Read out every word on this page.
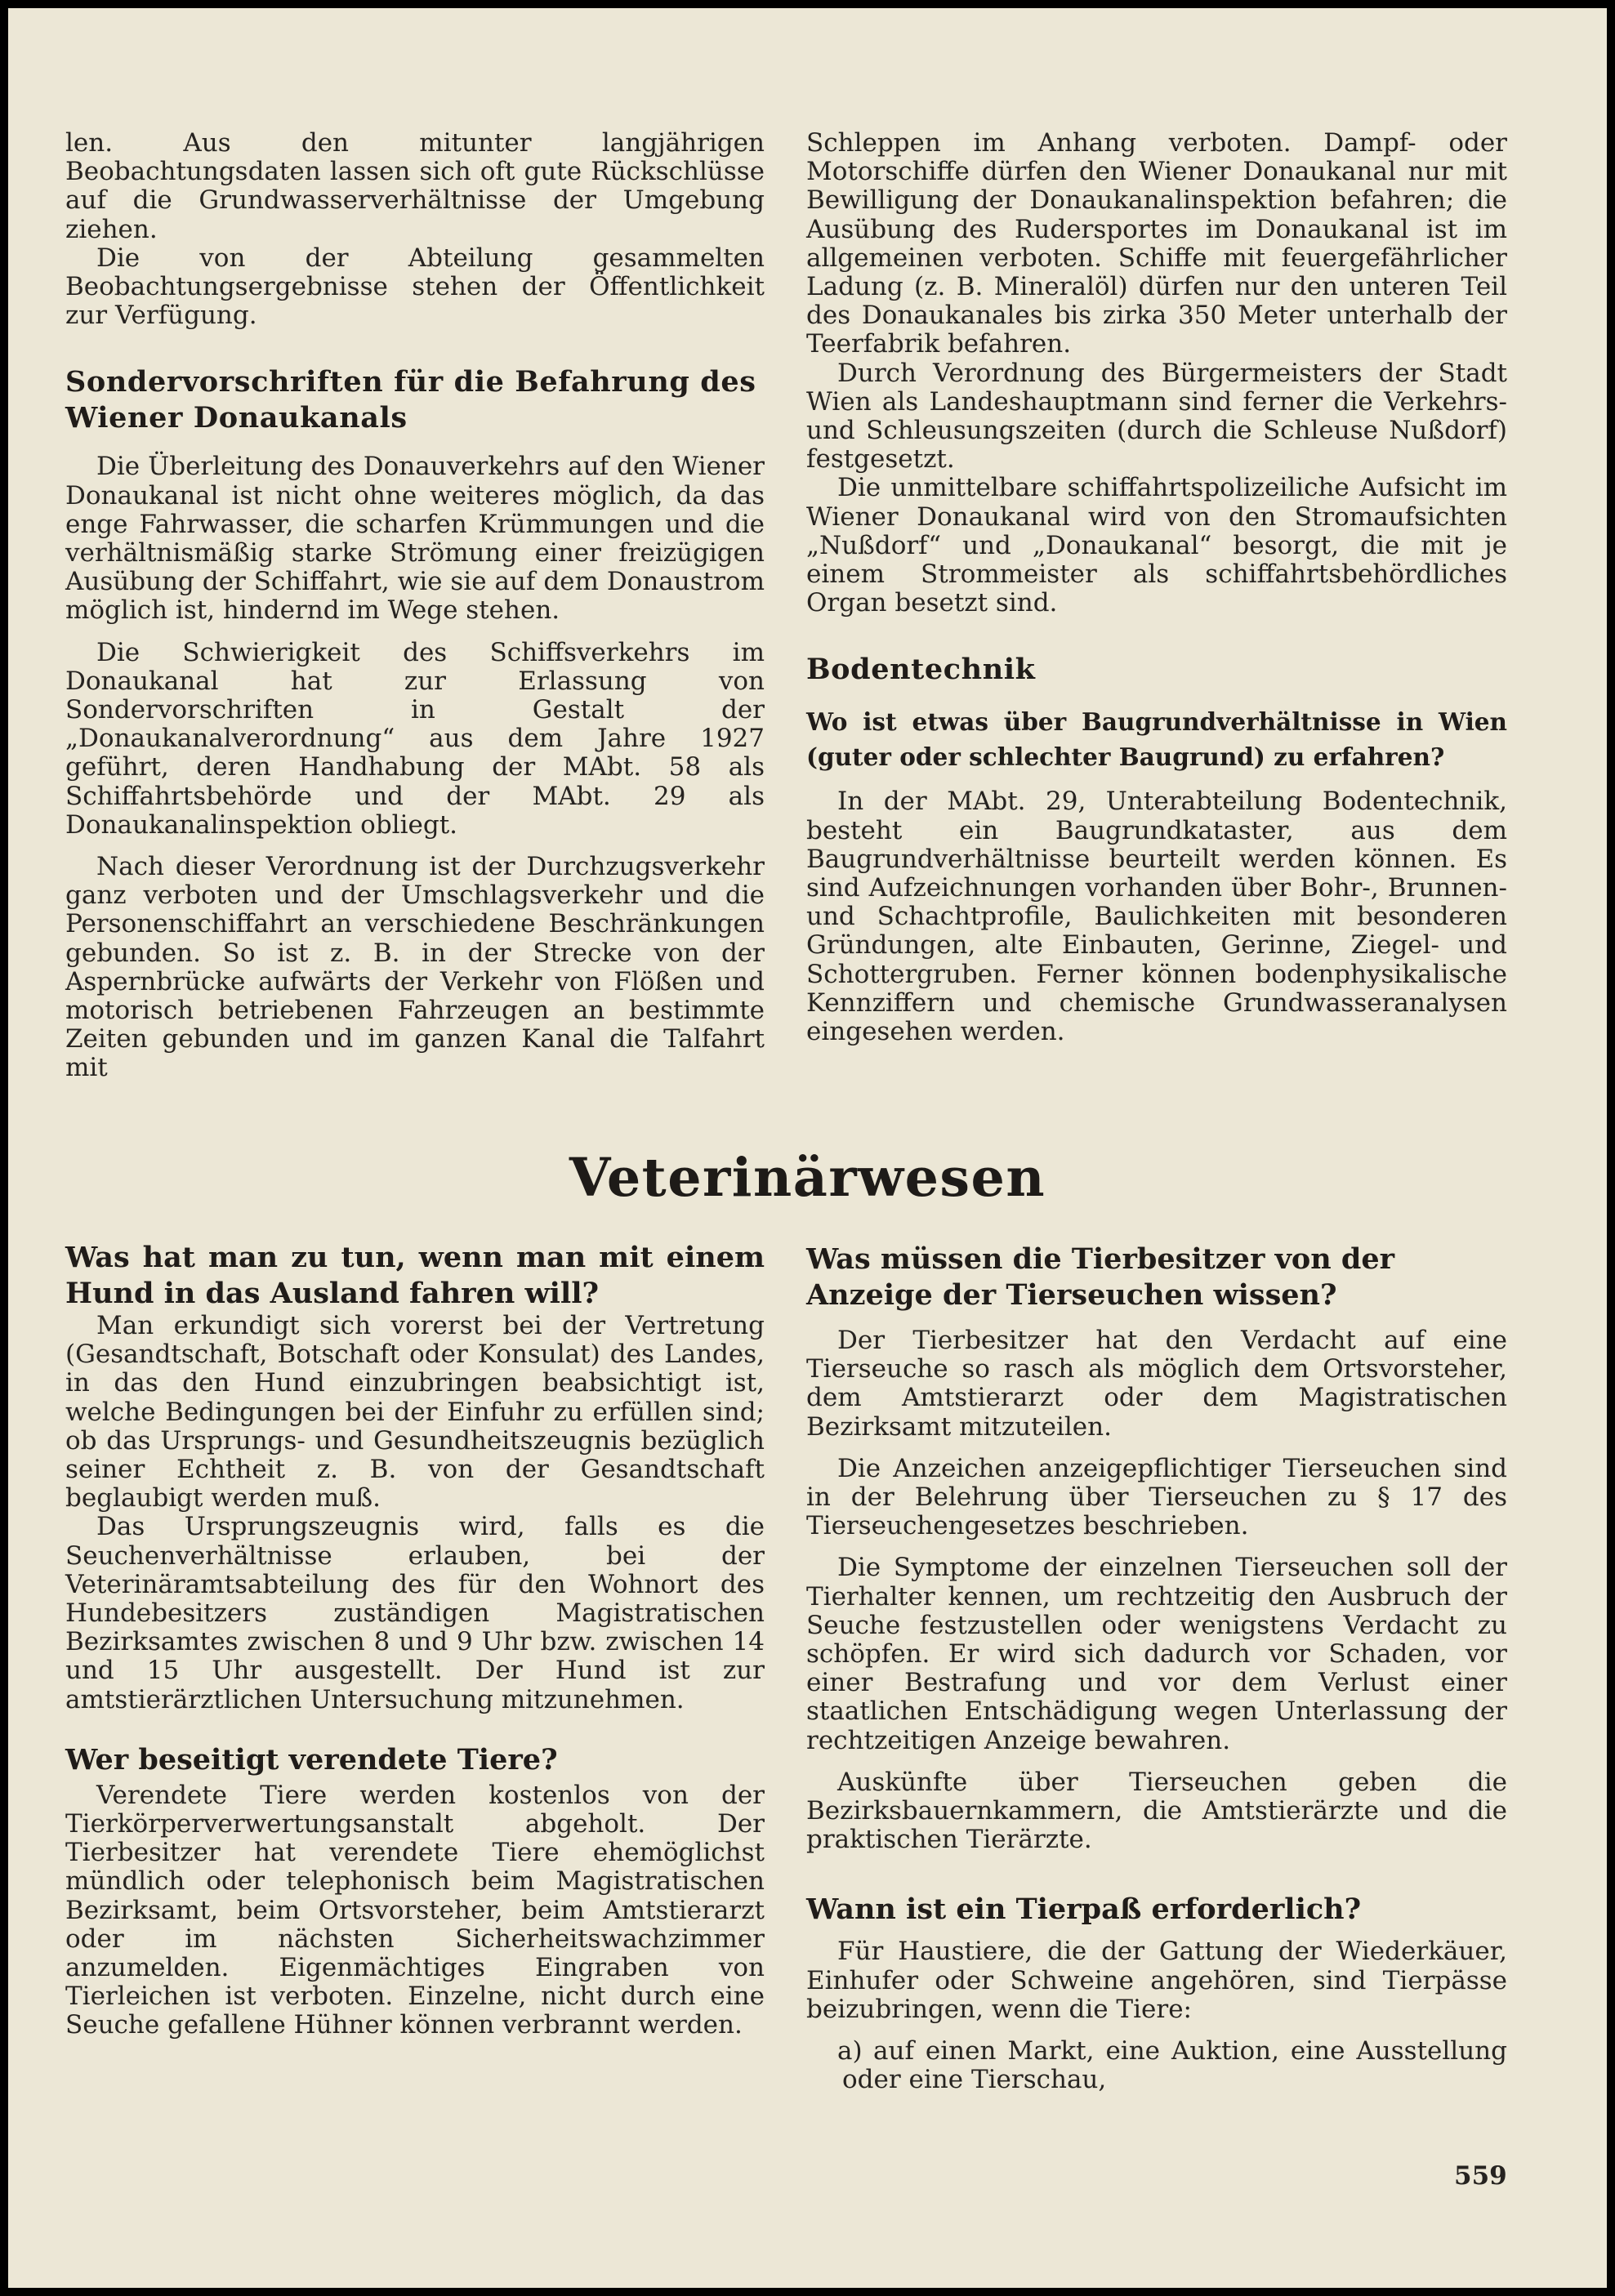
len. Aus den mitunter langjährigen Beobachtungsdaten lassen sich oft gute Rückschlüsse auf die Grundwasserverhältnisse der Umgebung ziehen.

Die von der Abteilung gesammelten Beobachtungsergebnisse stehen der Öffentlichkeit zur Verfügung.

Sondervorschriften für die Befahrung des Wiener Donaukanals

Die Überleitung des Donauverkehrs auf den Wiener Donaukanal ist nicht ohne weiteres möglich, da das enge Fahrwasser, die scharfen Krümmungen und die verhältnismäßig starke Strömung einer freizügigen Ausübung der Schiffahrt, wie sie auf dem Donaustrom möglich ist, hindernd im Wege stehen.

Die Schwierigkeit des Schiffsverkehrs im Donaukanal hat zur Erlassung von Sondervorschriften in Gestalt der „Donaukanalverordnung“ aus dem Jahre 1927 geführt, deren Handhabung der MAbt. 58 als Schiffahrtsbehörde und der MAbt. 29 als Donaukanalinspektion obliegt.

Nach dieser Verordnung ist der Durchzugsverkehr ganz verboten und der Umschlagsverkehr und die Personenschiffahrt an verschiedene Beschränkungen gebunden. So ist z. B. in der Strecke von der Aspernbrücke aufwärts der Verkehr von Flößen und motorisch betriebenen Fahrzeugen an bestimmte Zeiten gebunden und im ganzen Kanal die Talfahrt mit

Schleppen im Anhang verboten. Dampf- oder Motorschiffe dürfen den Wiener Donaukanal nur mit Bewilligung der Donaukanalinspektion befahren; die Ausübung des Rudersportes im Donaukanal ist im allgemeinen verboten. Schiffe mit feuergefährlicher Ladung (z. B. Mineralöl) dürfen nur den unteren Teil des Donaukanales bis zirka 350 Meter unterhalb der Teerfabrik befahren.

Durch Verordnung des Bürgermeisters der Stadt Wien als Landeshauptmann sind ferner die Verkehrs- und Schleusungszeiten (durch die Schleuse Nußdorf) festgesetzt.

Die unmittelbare schiffahrtspolizeiliche Aufsicht im Wiener Donaukanal wird von den Stromaufsichten „Nußdorf“ und „Donaukanal“ besorgt, die mit je einem Strommeister als schiffahrtsbehördliches Organ besetzt sind.

Bodentechnik
Wo ist etwas über Baugrundverhältnisse in Wien (guter oder schlechter Baugrund) zu erfahren?

In der MAbt. 29, Unterabteilung Bodentechnik, besteht ein Baugrundkataster, aus dem Baugrundverhältnisse beurteilt werden können. Es sind Aufzeichnungen vorhanden über Bohr-, Brunnen- und Schachtprofile, Baulichkeiten mit besonderen Gründungen, alte Einbauten, Gerinne, Ziegel- und Schottergruben. Ferner können bodenphysikalische Kennziffern und chemische Grundwasseranalysen eingesehen werden.

Veterinärwesen
Was hat man zu tun, wenn man mit einem Hund in das Ausland fahren will?

Man erkundigt sich vorerst bei der Vertretung (Gesandtschaft, Botschaft oder Konsulat) des Landes, in das den Hund einzubringen beabsichtigt ist, welche Bedingungen bei der Einfuhr zu erfüllen sind; ob das Ursprungs- und Gesundheitszeugnis bezüglich seiner Echtheit z. B. von der Gesandtschaft beglaubigt werden muß.

Das Ursprungszeugnis wird, falls es die Seuchenverhältnisse erlauben, bei der Veterinäramtsabteilung des für den Wohnort des Hundebesitzers zuständigen Magistratischen Bezirksamtes zwischen 8 und 9 Uhr bzw. zwischen 14 und 15 Uhr ausgestellt. Der Hund ist zur amtstierärztlichen Untersuchung mitzunehmen.

Wer beseitigt verendete Tiere?

Verendete Tiere werden kostenlos von der Tierkörperverwertungsanstalt abgeholt. Der Tierbesitzer hat verendete Tiere ehemöglichst mündlich oder telephonisch beim Magistratischen Bezirksamt, beim Ortsvorsteher, beim Amtstierarzt oder im nächsten Sicherheitswachzimmer anzumelden. Eigenmächtiges Eingraben von Tierleichen ist verboten. Einzelne, nicht durch eine Seuche gefallene Hühner können verbrannt werden.

Was müssen die Tierbesitzer von der Anzeige der Tierseuchen wissen?

Der Tierbesitzer hat den Verdacht auf eine Tierseuche so rasch als möglich dem Ortsvorsteher, dem Amtstierarzt oder dem Magistratischen Bezirksamt mitzuteilen.

Die Anzeichen anzeigepflichtiger Tierseuchen sind in der Belehrung über Tierseuchen zu § 17 des Tierseuchengesetzes beschrieben.

Die Symptome der einzelnen Tierseuchen soll der Tierhalter kennen, um rechtzeitig den Ausbruch der Seuche festzustellen oder wenigstens Verdacht zu schöpfen. Er wird sich dadurch vor Schaden, vor einer Bestrafung und vor dem Verlust einer staatlichen Entschädigung wegen Unterlassung der rechtzeitigen Anzeige bewahren.

Auskünfte über Tierseuchen geben die Bezirksbauernkammern, die Amtstierärzte und die praktischen Tierärzte.

Wann ist ein Tierpaß erforderlich?

Für Haustiere, die der Gattung der Wiederkäuer, Einhufer oder Schweine angehören, sind Tierpässe beizubringen, wenn die Tiere:

a) auf einen Markt, eine Auktion, eine Ausstellung oder eine Tierschau,

559
